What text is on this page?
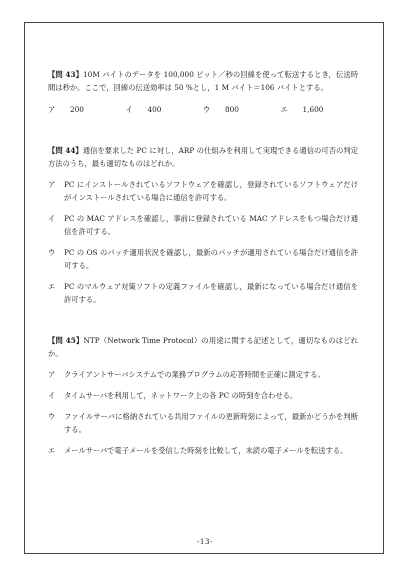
【問 43】10M バイトのデータを 100,000 ビット／秒の回線を使って転送するとき，伝送時間は秒か。ここで，回線の伝送効率は 50 %とし，1 M バイト＝106 バイトとする。

ア	200	イ	400	ウ	800	エ	1,600

【問 44】通信を要求した PC に対し，ARP の仕組みを利用して実現できる通信の可否の判定方法のうち，最も適切なものはどれか。

ア	PC にインストールされているソフトウェアを確認し，登録されているソフトウェアだけがインストールされている場合に通信を許可する。
イ	PC の MAC アドレスを確認し，事前に登録されている MAC アドレスをもつ場合だけ通信を許可する。
ウ	PC の OS のパッチ適用状況を確認し，最新のパッチが適用されている場合だけ通信を許可する。
エ	PC のマルウェア対策ソフトの定義ファイルを確認し，最新になっている場合だけ通信を許可する。

【問 45】NTP（Network Time Protocol）の用途に関する記述として，適切なものはどれか。

ア	クライアントサーバシステムでの業務プログラムの応答時間を正確に測定する。
イ	タイムサーバを利用して，ネットワーク上の各 PC の時刻を合わせる。
ウ	ファイルサーバに格納されている共用ファイルの更新時刻によって，最新かどうかを判断する。
エ	メールサーバで電子メールを受信した時刻を比較して，未読の電子メールを転送する。
-13-
